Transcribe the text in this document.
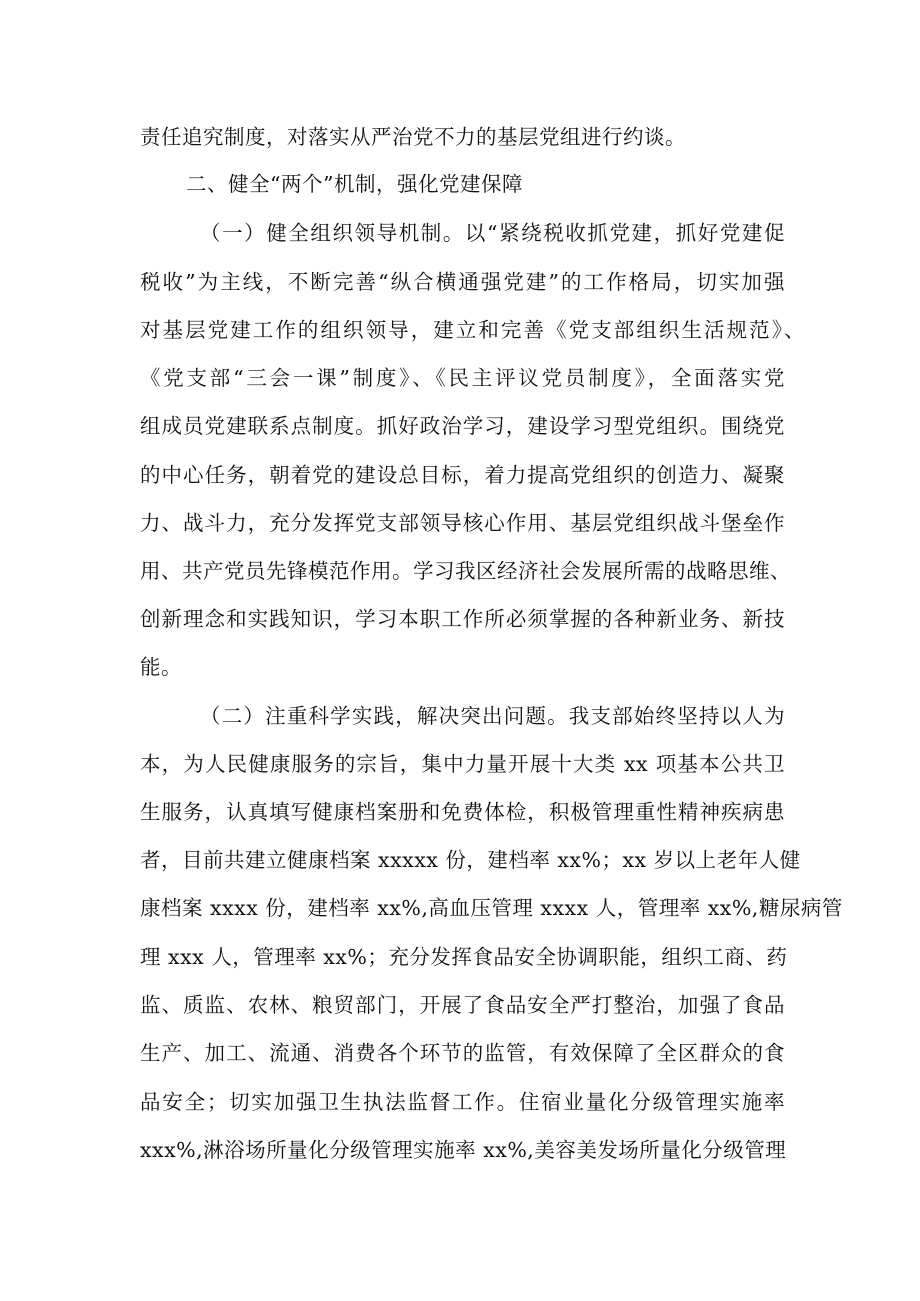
责任追究制度，对落实从严治党不力的基层党组进行约谈。
二、健全“两个”机制，强化党建保障
（一）健全组织领导机制。以“紧绕税收抓党建，抓好党建促
税收”为主线，不断完善“纵合横通强党建”的工作格局，切实加强
对基层党建工作的组织领导，建立和完善《党支部组织生活规范》、
《党支部“三会一课”制度》、《民主评议党员制度》，全面落实党
组成员党建联系点制度。抓好政治学习，建设学习型党组织。围绕党
的中心任务，朝着党的建设总目标，着力提高党组织的创造力、凝聚
力、战斗力，充分发挥党支部领导核心作用、基层党组织战斗堡垒作
用、共产党员先锋模范作用。学习我区经济社会发展所需的战略思维、
创新理念和实践知识，学习本职工作所必须掌握的各种新业务、新技
能。
（二）注重科学实践，解决突出问题。我支部始终坚持以人为
本，为人民健康服务的宗旨，集中力量开展十大类 xx 项基本公共卫
生服务，认真填写健康档案册和免费体检，积极管理重性精神疾病患
者，目前共建立健康档案 xxxxx 份，建档率 xx%；xx 岁以上老年人健
康档案 xxxx 份，建档率 xx%,高血压管理 xxxx 人，管理率 xx%,糖尿病管
理 xxx 人，管理率 xx%；充分发挥食品安全协调职能，组织工商、药
监、质监、农林、粮贸部门，开展了食品安全严打整治，加强了食品
生产、加工、流通、消费各个环节的监管，有效保障了全区群众的食
品安全；切实加强卫生执法监督工作。住宿业量化分级管理实施率
xxx%,淋浴场所量化分级管理实施率 xx%,美容美发场所量化分级管理
